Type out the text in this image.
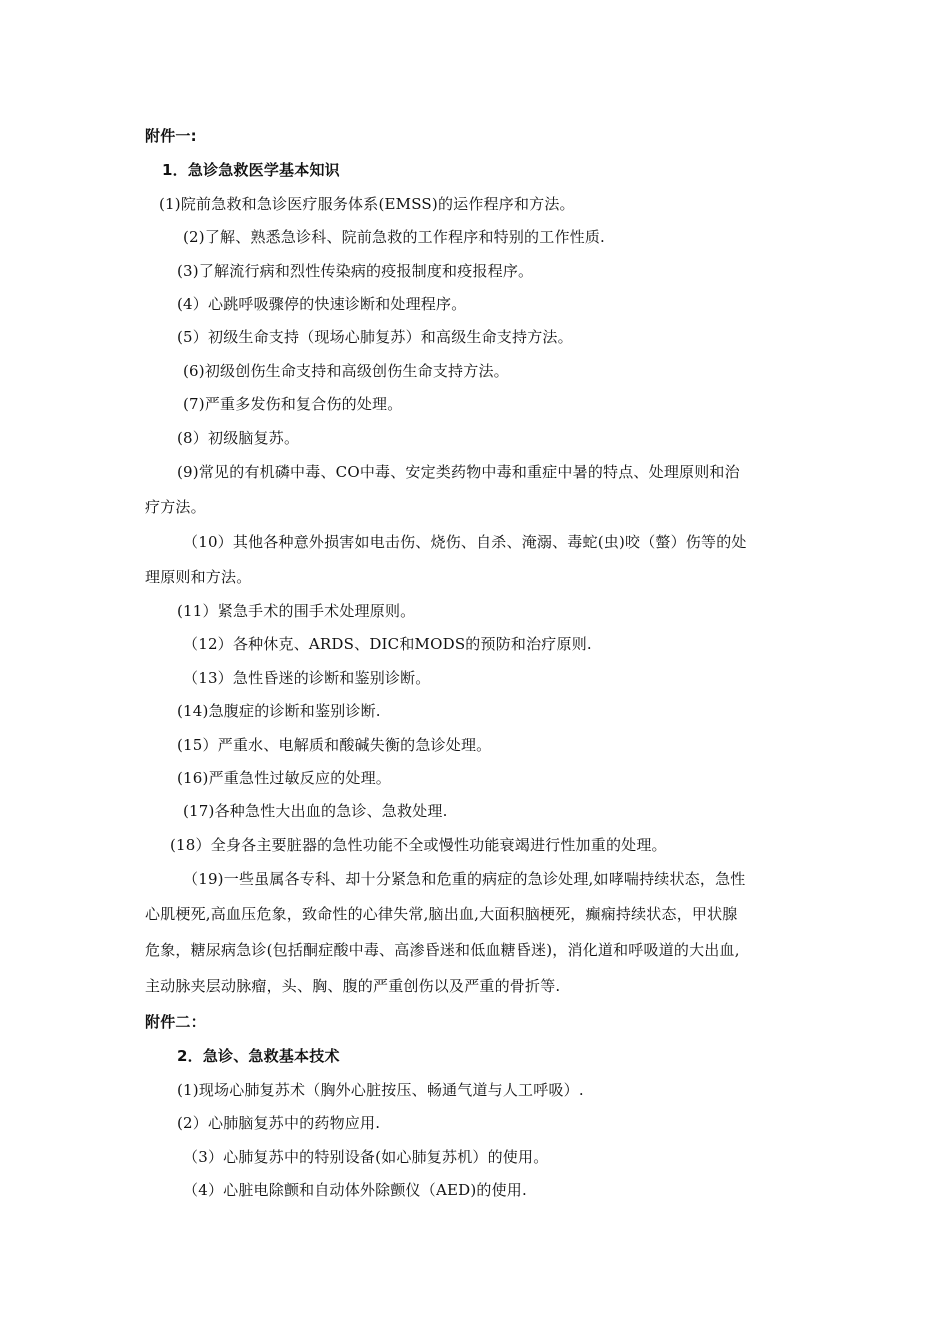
附件一:
1．急诊急救医学基本知识
(1)院前急救和急诊医疗服务体系(EMSS)的运作程序和方法。
(2)了解、熟悉急诊科、院前急救的工作程序和特别的工作性质.
(3)了解流行病和烈性传染病的疫报制度和疫报程序。
(4）心跳呼吸骤停的快速诊断和处理程序。
(5）初级生命支持（现场心肺复苏）和高级生命支持方法。
(6)初级创伤生命支持和高级创伤生命支持方法。
(7)严重多发伤和复合伤的处理。
(8）初级脑复苏。
(9)常见的有机磷中毒、CO中毒、安定类药物中毒和重症中暑的特点、处理原则和治
疗方法。
（10）其他各种意外损害如电击伤、烧伤、自杀、淹溺、毒蛇(虫)咬（螫）伤等的处
理原则和方法。
(11）紧急手术的围手术处理原则。
（12）各种休克、ARDS、DIC和MODS的预防和治疗原则.
（13）急性昏迷的诊断和鉴别诊断。
(14)急腹症的诊断和鉴别诊断.
(15）严重水、电解质和酸碱失衡的急诊处理。
(16)严重急性过敏反应的处理。
(17)各种急性大出血的急诊、急救处理.
(18）全身各主要脏器的急性功能不全或慢性功能衰竭进行性加重的处理。
（19)一些虽属各专科、却十分紧急和危重的病症的急诊处理,如哮喘持续状态，急性
心肌梗死,高血压危象，致命性的心律失常,脑出血,大面积脑梗死，癫痫持续状态，甲状腺
危象，糖尿病急诊(包括酮症酸中毒、高渗昏迷和低血糖昏迷)，消化道和呼吸道的大出血,
主动脉夹层动脉瘤，头、胸、腹的严重创伤以及严重的骨折等.
附件二：
2．急诊、急救基本技术
(1)现场心肺复苏术（胸外心脏按压、畅通气道与人工呼吸）.
(2）心肺脑复苏中的药物应用.
（3）心肺复苏中的特别设备(如心肺复苏机）的使用。
（4）心脏电除颤和自动体外除颤仪（AED)的使用.
